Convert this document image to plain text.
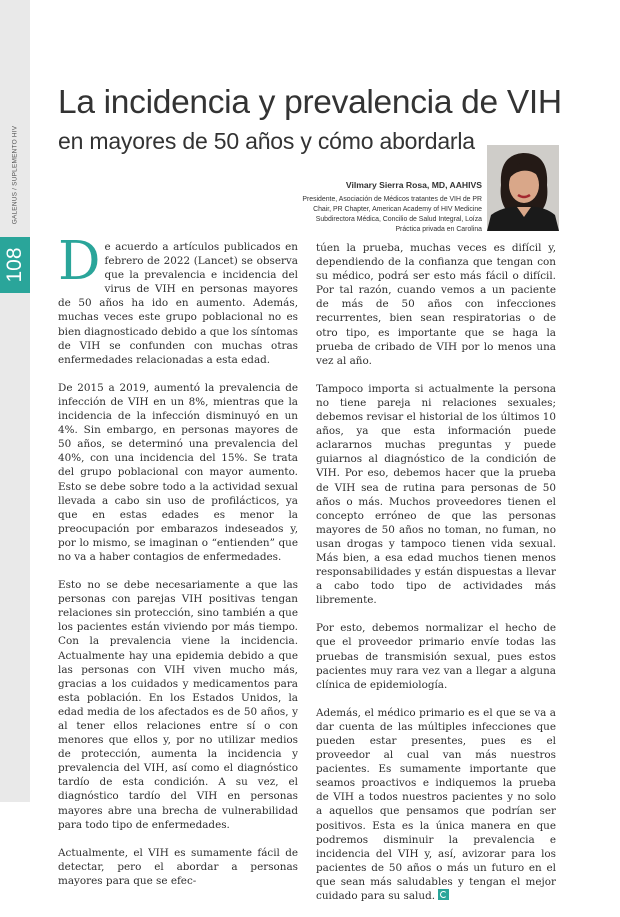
GALENUS / SUPLEMENTO HIV
108
La incidencia y prevalencia de VIH
en mayores de 50 años y cómo abordarla
Vilmary Sierra Rosa, MD, AAHIVS
Presidente, Asociación de Médicos tratantes de VIH de PR
Chair, PR Chapter, American Academy of HIV Medicine
Subdirectora Médica, Concilio de Salud Integral, Loíza
Práctica privada en Carolina

De acuerdo a artículos publicados en febrero de 2022 (Lancet) se observa que la prevalencia e incidencia del virus de VIH en personas mayores de 50 años ha ido en aumento. Además, muchas veces este grupo poblacional no es bien diagnosticado debido a que los síntomas de VIH se confunden con muchas otras enfermedades relacionadas a esta edad.

De 2015 a 2019, aumentó la prevalencia de infección de VIH en un 8%, mientras que la incidencia de la infección disminuyó en un 4%. Sin embargo, en personas mayores de 50 años, se determinó una prevalencia del 40%, con una incidencia del 15%. Se trata del grupo poblacional con mayor aumento. Esto se debe sobre todo a la actividad sexual llevada a cabo sin uso de profilácticos, ya que en estas edades es menor la preocupación por embarazos indeseados y, por lo mismo, se imaginan o “entienden” que no va a haber contagios de enfermedades.

Esto no se debe necesariamente a que las personas con parejas VIH positivas tengan relaciones sin protección, sino también a que los pacientes están viviendo por más tiempo. Con la prevalencia viene la incidencia. Actualmente hay una epidemia debido a que las personas con VIH viven mucho más, gracias a los cuidados y medicamentos para esta población. En los Estados Unidos, la edad media de los afectados es de 50 años, y al tener ellos relaciones entre sí o con menores que ellos y, por no utilizar medios de protección, aumenta la incidencia y prevalencia del VIH, así como el diagnóstico tardío de esta condición. A su vez, el diagnóstico tardío del VIH en personas mayores abre una brecha de vulnerabilidad para todo tipo de enfermedades.

Actualmente, el VIH es sumamente fácil de detectar, pero el abordar a personas mayores para que se efec-

túen la prueba, muchas veces es difícil y, dependiendo de la confianza que tengan con su médico, podrá ser esto más fácil o difícil. Por tal razón, cuando vemos a un paciente de más de 50 años con infecciones recurrentes, bien sean respiratorias o de otro tipo, es importante que se haga la prueba de cribado de VIH por lo menos una vez al año.

Tampoco importa si actualmente la persona no tiene pareja ni relaciones sexuales; debemos revisar el historial de los últimos 10 años, ya que esta información puede aclararnos muchas preguntas y puede guiarnos al diagnóstico de la condición de VIH. Por eso, debemos hacer que la prueba de VIH sea de rutina para personas de 50 años o más. Muchos proveedores tienen el concepto erróneo de que las personas mayores de 50 años no toman, no fuman, no usan drogas y tampoco tienen vida sexual. Más bien, a esa edad muchos tienen menos responsabilidades y están dispuestas a llevar a cabo todo tipo de actividades más libremente.

Por esto, debemos normalizar el hecho de que el proveedor primario envíe todas las pruebas de transmisión sexual, pues estos pacientes muy rara vez van a llegar a alguna clínica de epidemiología.

Además, el médico primario es el que se va a dar cuenta de las múltiples infecciones que pueden estar presentes, pues es el proveedor al cual van más nuestros pacientes. Es sumamente importante que seamos proactivos e indiquemos la prueba de VIH a todos nuestros pacientes y no solo a aquellos que pensamos que podrían ser positivos. Esta es la única manera en que podremos disminuir la prevalencia e incidencia del VIH y, así, avizorar para los pacientes de 50 años o más un futuro en el que sean más saludables y tengan el mejor cuidado para su salud.
